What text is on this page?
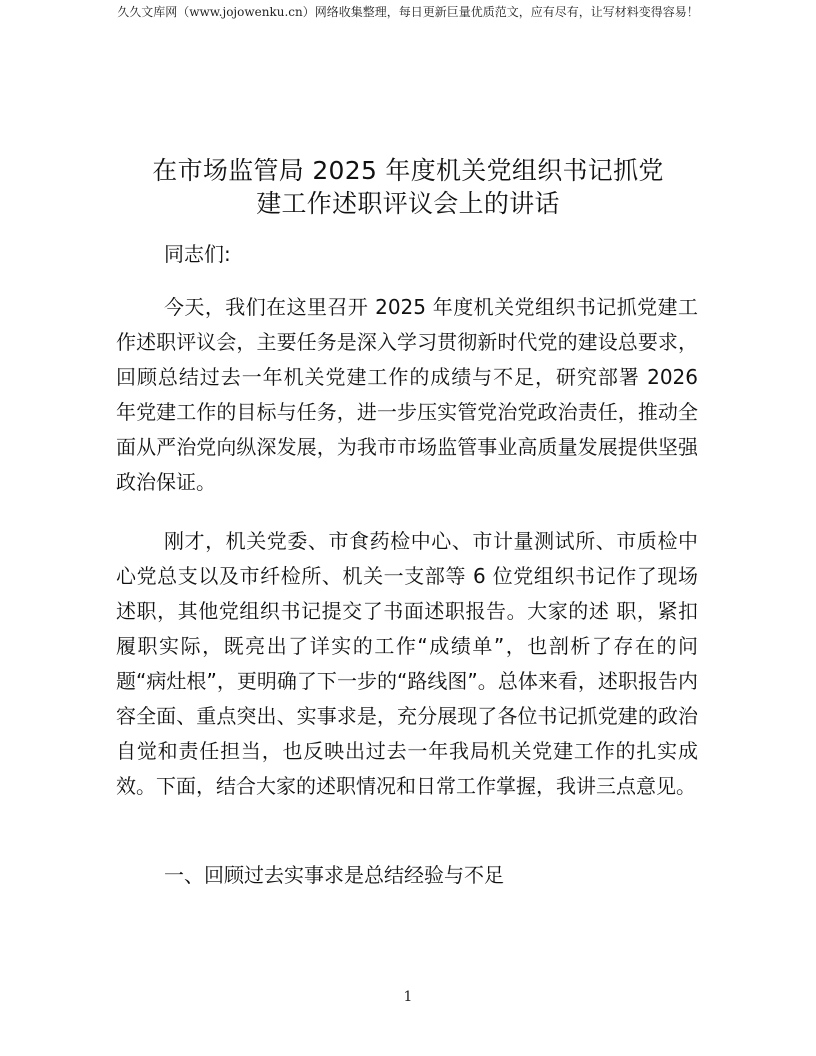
久久文库网（www.jojowenku.cn）网络收集整理，每日更新巨量优质范文，应有尽有，让写材料变得容易！
在市场监管局 2025 年度机关党组织书记抓党
建工作述职评议会上的讲话

同志们:

今天，我们在这里召开 2025 年度机关党组织书记抓党建工作述职评议会，主要任务是深入学习贯彻新时代党的建设总要求，回顾总结过去一年机关党建工作的成绩与不足，研究部署 2026 年党建工作的目标与任务，进一步压实管党治党政治责任，推动全面从严治党向纵深发展，为我市市场监管事业高质量发展提供坚强政治保证。

刚才，机关党委、市食药检中心、市计量测试所、市质检中心党总支以及市纤检所、机关一支部等 6 位党组织书记作了现场述职，其他党组织书记提交了书面述职报告。大家的述 职，紧扣履职实际，既亮出了详实的工作“成绩单”，也剖析了存在的问题“病灶根”，更明确了下一步的“路线图”。总体来看，述职报告内容全面、重点突出、实事求是，充分展现了各位书记抓党建的政治自觉和责任担当，也反映出过去一年我局机关党建工作的扎实成效。下面，结合大家的述职情况和日常工作掌握，我讲三点意见。

一、回顾过去实事求是总结经验与不足

1
